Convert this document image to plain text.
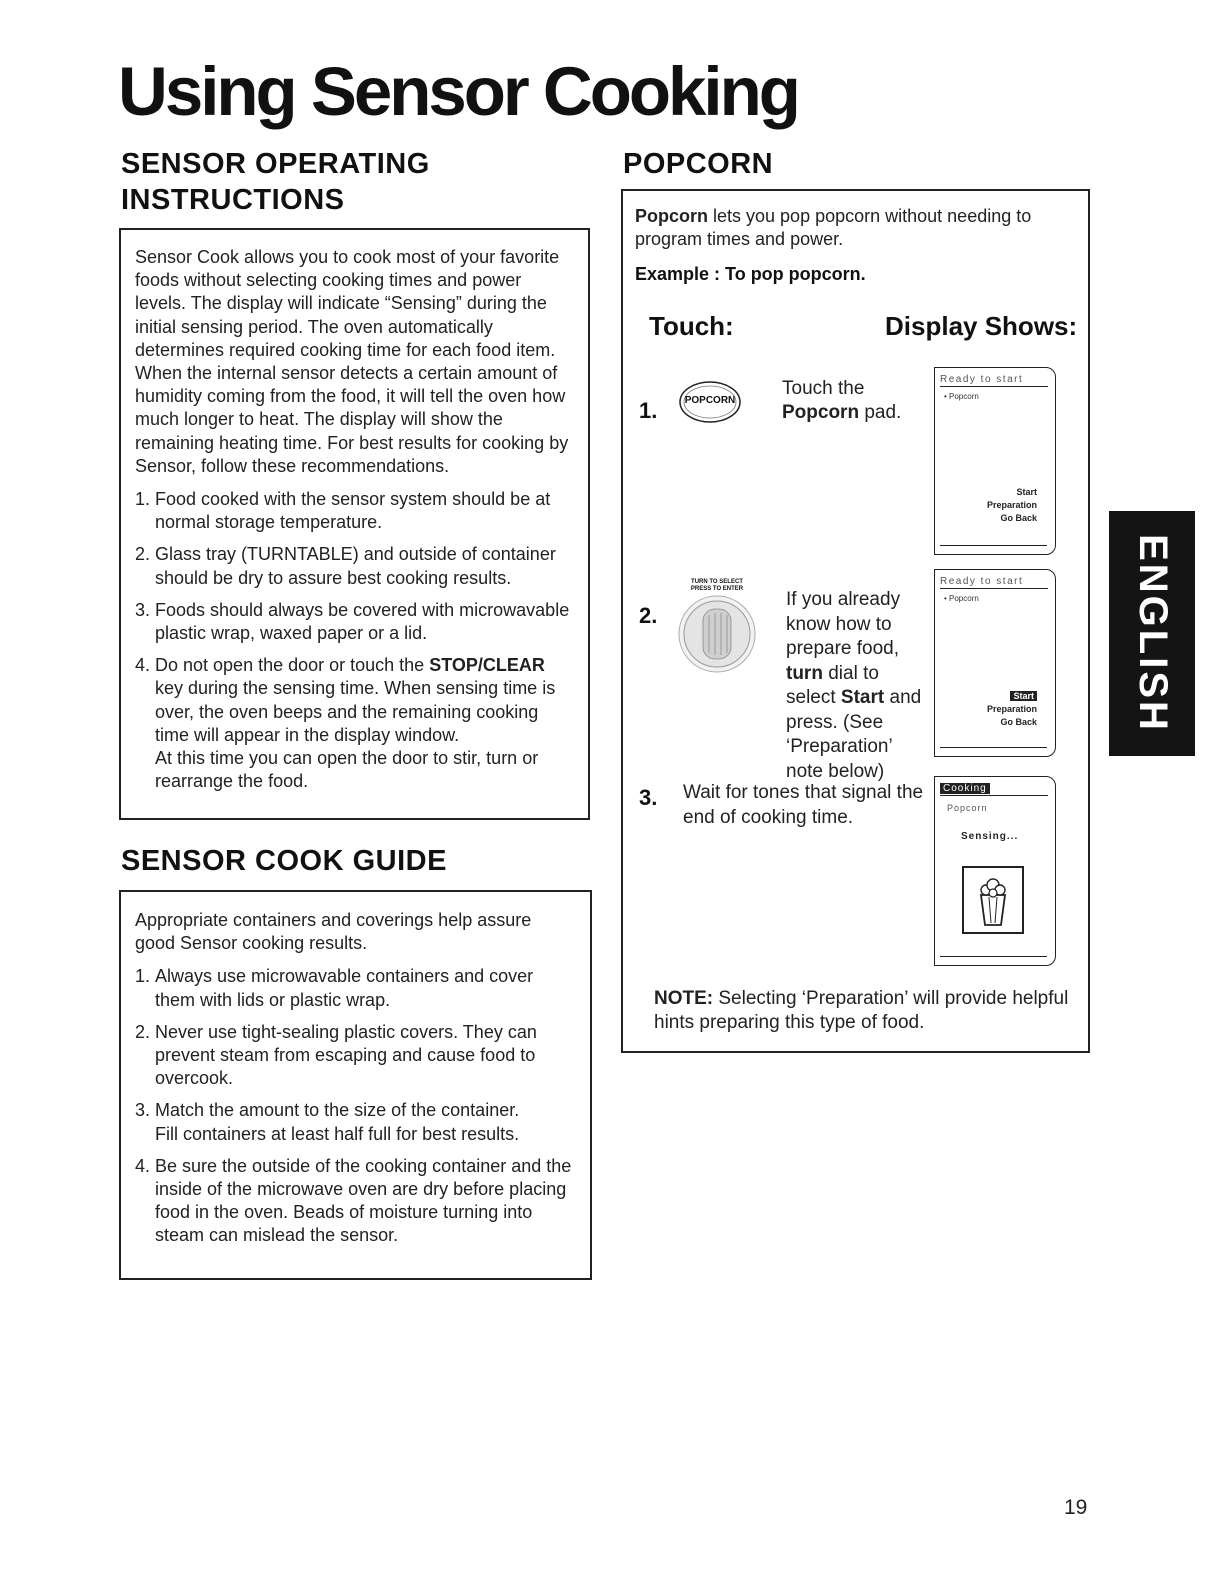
Using Sensor Cooking
SENSOR OPERATING
INSTRUCTIONS

Sensor Cook allows you to cook most of your favorite foods without selecting cooking times and power levels. The display will indicate “Sensing” during the initial sensing period. The oven automatically determines required cooking time for each food item. When the internal sensor detects a certain amount of humidity coming from the food, it will tell the oven how much longer to heat. The display will show the remaining heating time. For best results for cooking by Sensor, follow these recommendations.

1. Food cooked with the sensor system should be at normal storage temperature.
2. Glass tray (TURNTABLE) and outside of container should be dry to assure best cooking results.
3. Foods should always be covered with microwavable plastic wrap, waxed paper or a lid.
4. Do not open the door or touch the STOP/CLEAR key during the sensing time. When sensing time is over, the oven beeps and the remaining cooking time will appear in the display window.
At this time you can open the door to stir, turn or rearrange the food.
SENSOR COOK GUIDE

Appropriate containers and coverings help assure good Sensor cooking results.

1. Always use microwavable containers and cover them with lids or plastic wrap.
2. Never use tight-sealing plastic covers. They can prevent steam from escaping and cause food to overcook.
3. Match the amount to the size of the container.
Fill containers at least half full for best results.
4. Be sure the outside of the cooking container and the inside of the microwave oven are dry before placing food in the oven. Beads of moisture turning into steam can mislead the sensor.
POPCORN
Popcorn lets you pop popcorn without needing to program times and power.
Example : To pop popcorn.
Touch:	Display Shows:
1.	POPCORN
Touch the
Popcorn pad.
Ready to start
• Popcorn
Start
Preparation
Go Back
2.
TURN TO SELECT
PRESS TO ENTER	If you already
know how to
prepare food,
turn dial to
select Start and
press. (See
‘Preparation’
note below)
Ready to start
• Popcorn
Start
Preparation
Go Back
3. Wait for tones that signal the
end of cooking time.
Cooking
Popcorn
Sensing...
NOTE: Selecting ‘Preparation’ will provide helpful hints preparing this type of food.
ENGLISH
19
